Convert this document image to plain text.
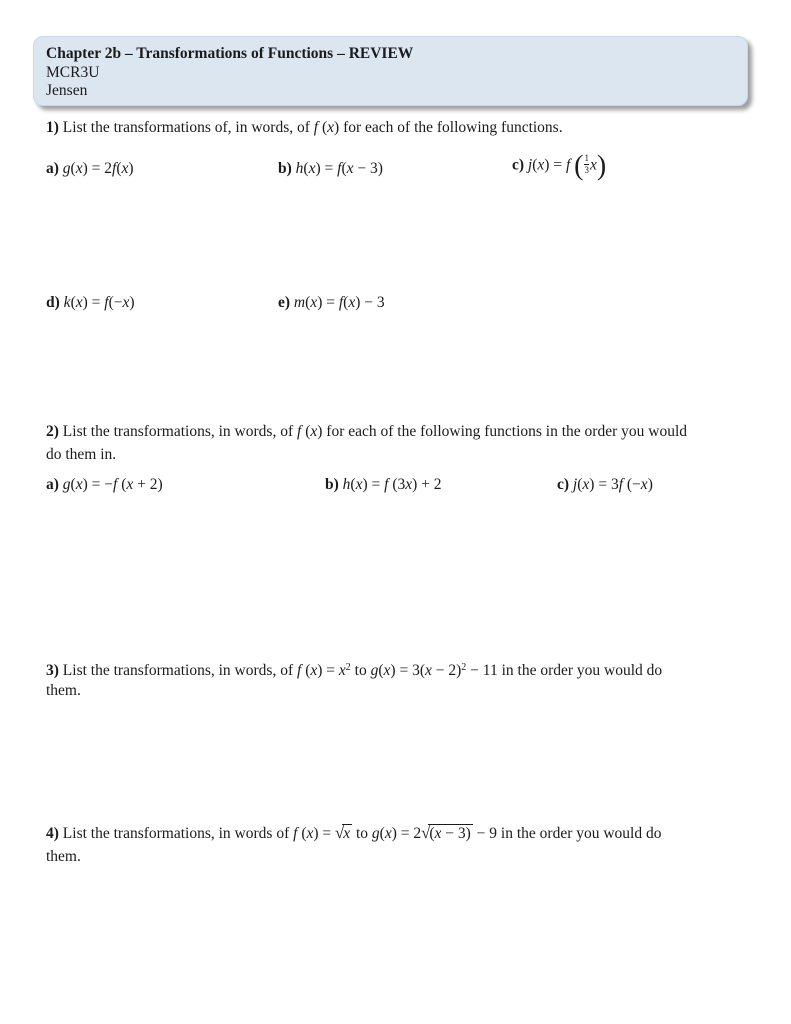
Chapter 2b – Transformations of Functions – REVIEW
MCR3U
Jensen
1) List the transformations of, in words, of f (x) for each of the following functions.
a) g(x) = 2f(x)	b) h(x) = f(x − 3)	c) j(x) = f ( $\frac{1}{3} x$)
d) k(x) = f(−x)	e) m(x) = f(x) − 3
2) List the transformations, in words, of f (x) for each of the following functions in the order you would
do them in.
a) g(x) = −f (x + 2)	b) h(x) = f (3x) + 2	c) j(x) = 3f (−x)
3) List the transformations, in words, of f $(x) = x^2$ to $g(x) = 3(x - 2)^2 - 11$ in the order you would do
them.
4) List the transformations, in words of f (x) = √x to g(x) = 2√(x − 3) − 9 in the order you would do
them.
